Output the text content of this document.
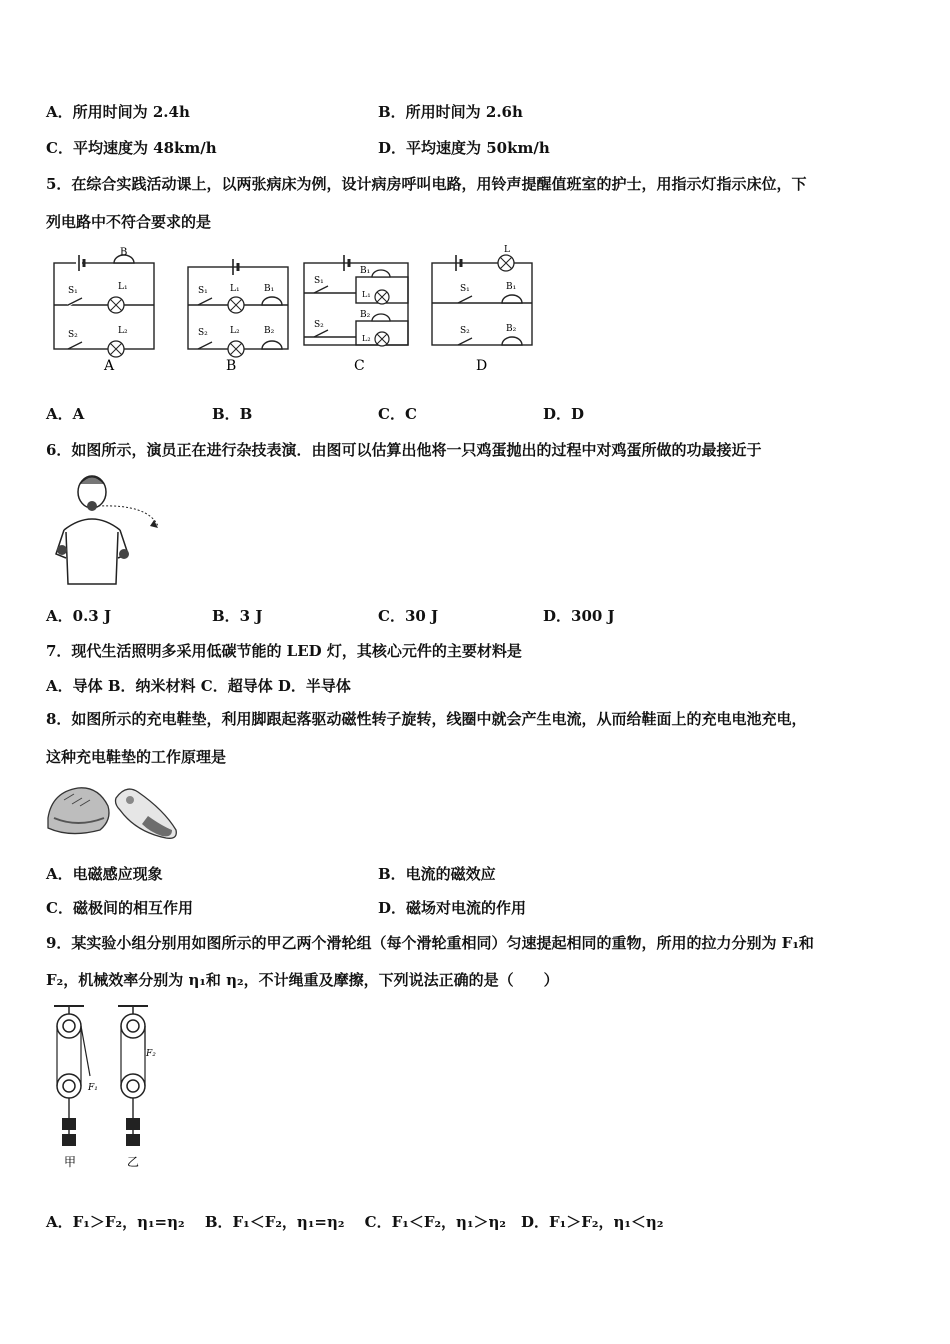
A．所用时间为 2.4h	B．所用时间为 2.6h
C．平均速度为 48km/h	D．平均速度为 50km/h
5．在综合实践活动课上，以两张病床为例，设计病房呼叫电路，用铃声提醒值班室的护士，用指示灯指示床位，下
列电路中不符合要求的是
B
S₁	L₁
S₂	L₂
A
S₁ L₁	B₁
S₂ L₂	B₂
B
S₁
B₁
L₁
S₂
B₂
L₂
C
L
S₁	B₁
S₂	B₂
D
A．A	B．B	C．C	D．D
6．如图所示，演员正在进行杂技表演．由图可以估算出他将一只鸡蛋抛出的过程中对鸡蛋所做的功最接近于
A．0.3 J	B．3 J	C．30 J	D．300 J
7．现代生活照明多采用低碳节能的 LED 灯，其核心元件的主要材料是
A．导体 B．纳米材料 C．超导体 D．半导体
8．如图所示的充电鞋垫，利用脚跟起落驱动磁性转子旋转，线圈中就会产生电流，从而给鞋面上的充电电池充电，
这种充电鞋垫的工作原理是
A．电磁感应现象	B．电流的磁效应
C．磁极间的相互作用	D．磁场对电流的作用
9．某实验小组分别用如图所示的甲乙两个滑轮组（每个滑轮重相同）匀速提起相同的重物，所用的拉力分别为 F₁和
F₂，机械效率分别为 η₁和 η₂，不计绳重及摩擦，下列说法正确的是（　　）
F₁
F₂
甲	乙
A．F₁＞F₂，η₁=η₂　 B．F₁＜F₂，η₁=η₂　 C．F₁＜F₂，η₁＞η₂　D．F₁＞F₂，η₁＜η₂
